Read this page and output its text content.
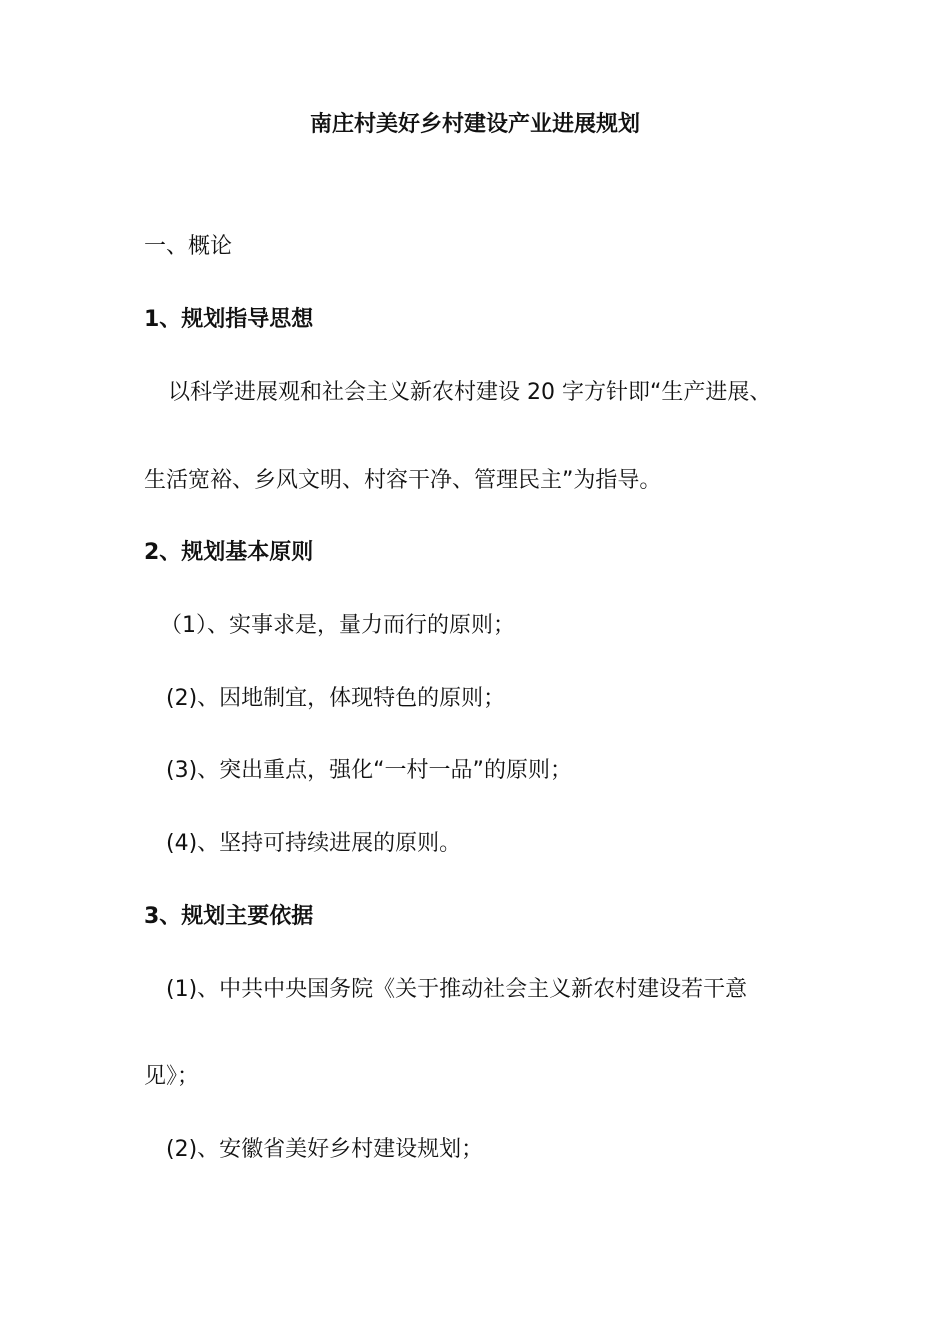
南庄村美好乡村建设产业进展规划
一、概论
1、规划指导思想
以科学进展观和社会主义新农村建设 20 字方针即“生产进展、
生活宽裕、乡风文明、村容干净、管理民主”为指导。
2、规划基本原则
（1）、实事求是，量力而行的原则；
(2)、因地制宜，体现特色的原则；
(3)、突出重点，强化“一村一品”的原则；
(4)、坚持可持续进展的原则。
3、规划主要依据
(1)、中共中央国务院《关于推动社会主义新农村建设若干意
见》；
(2)、安徽省美好乡村建设规划；
